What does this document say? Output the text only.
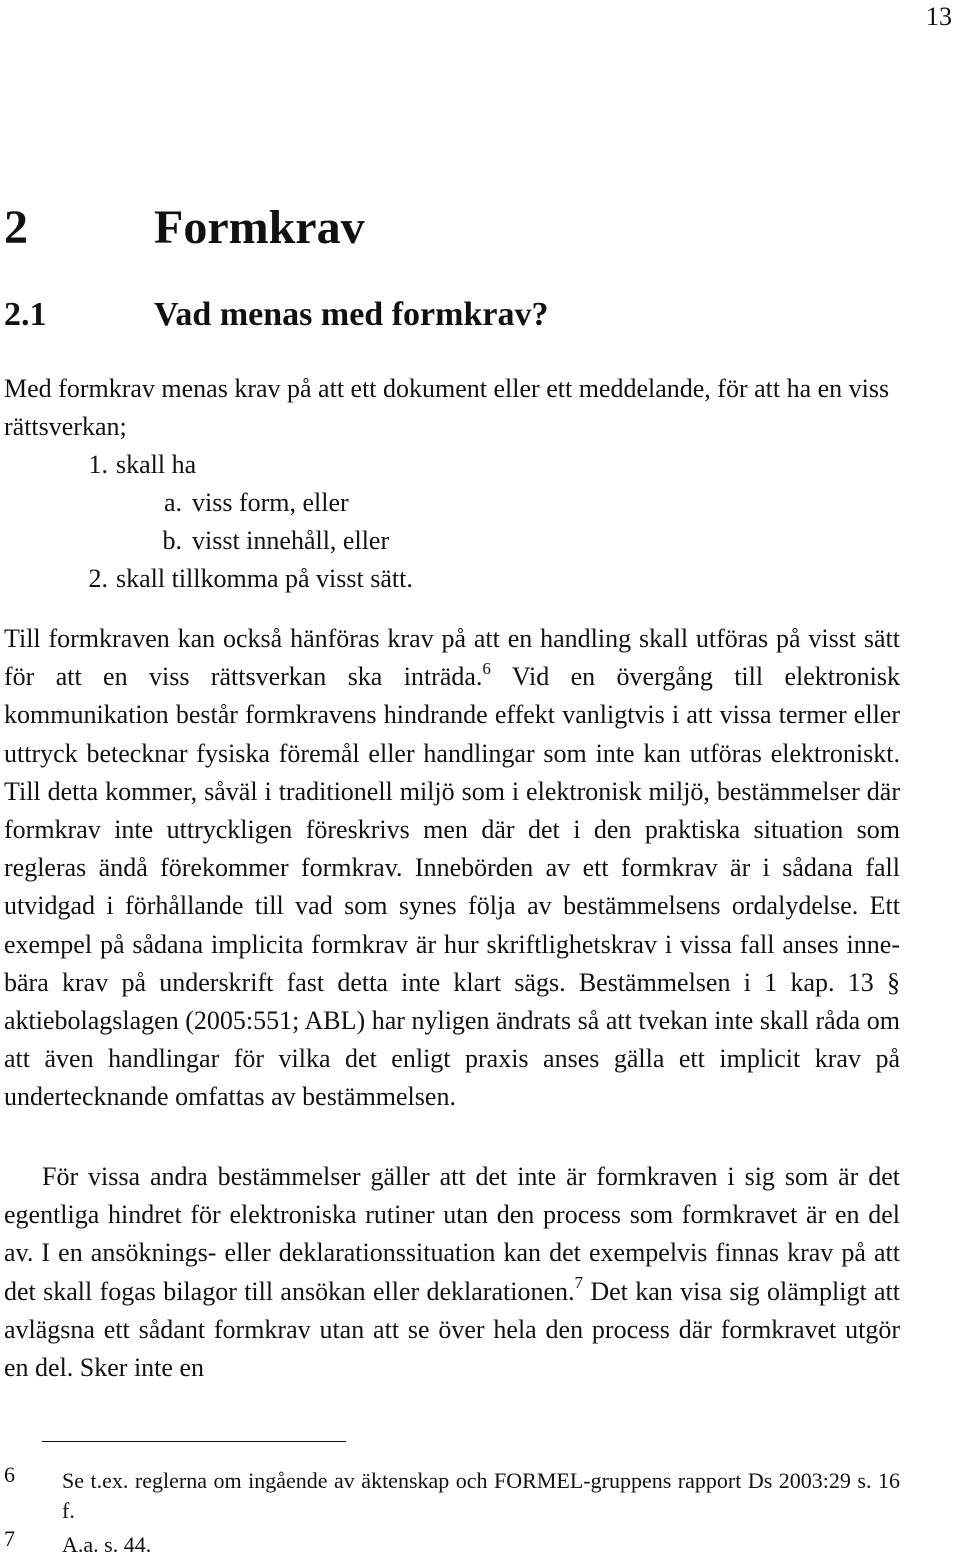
13
2	Formkrav
2.1	Vad menas med formkrav?

Med formkrav menas krav på att ett dokument eller ett meddelande, för att ha en viss rättsverkan;

1. skall ha
a. viss form, eller
b. visst innehåll, eller
2. skall tillkomma på visst sätt.

Till formkraven kan också hänföras krav på att en handling skall utföras på visst sätt för att en viss rättsverkan ska inträda.$^6$ Vid en övergång till elektronisk kommunikation består formkravens hindrande effekt vanligtvis i att vissa termer eller uttryck betecknar fysiska föremål eller handlingar som inte kan utföras elektroniskt. Till detta kommer, såväl i traditionell miljö som i elektronisk miljö, bestämmelser där formkrav inte uttryckligen föreskrivs men där det i den praktiska situation som regleras ändå förekommer formkrav. Innebörden av ett formkrav är i sådana fall utvidgad i förhållande till vad som synes följa av bestämmelsens ordalydelse. Ett exempel på sådana implicita formkrav är hur skriftlighetskrav i vissa fall anses innebära krav på underskrift fast detta inte klart sägs. Bestämmelsen i 1 kap. 13 § aktiebolagslagen (2005:551; ABL) har nyligen ändrats så att tvekan inte skall råda om att även handlingar för vilka det enligt praxis anses gälla ett implicit krav på undertecknande omfattas av bestämmelsen.

För vissa andra bestämmelser gäller att det inte är formkraven i sig som är det egentliga hindret för elektroniska rutiner utan den process som formkravet är en del av. I en ansöknings- eller deklarationssituation kan det exempelvis finnas krav på att det skall fogas bilagor till ansökan eller deklarationen.$^7$ Det kan visa sig olämpligt att avlägsna ett sådant formkrav utan att se över hela den process där formkravet utgör en del. Sker inte en

6 Se t.ex. reglerna om ingående av äktenskap och FORMEL-gruppens rapport Ds 2003:29 s. 16 f.
7 A.a. s. 44.
